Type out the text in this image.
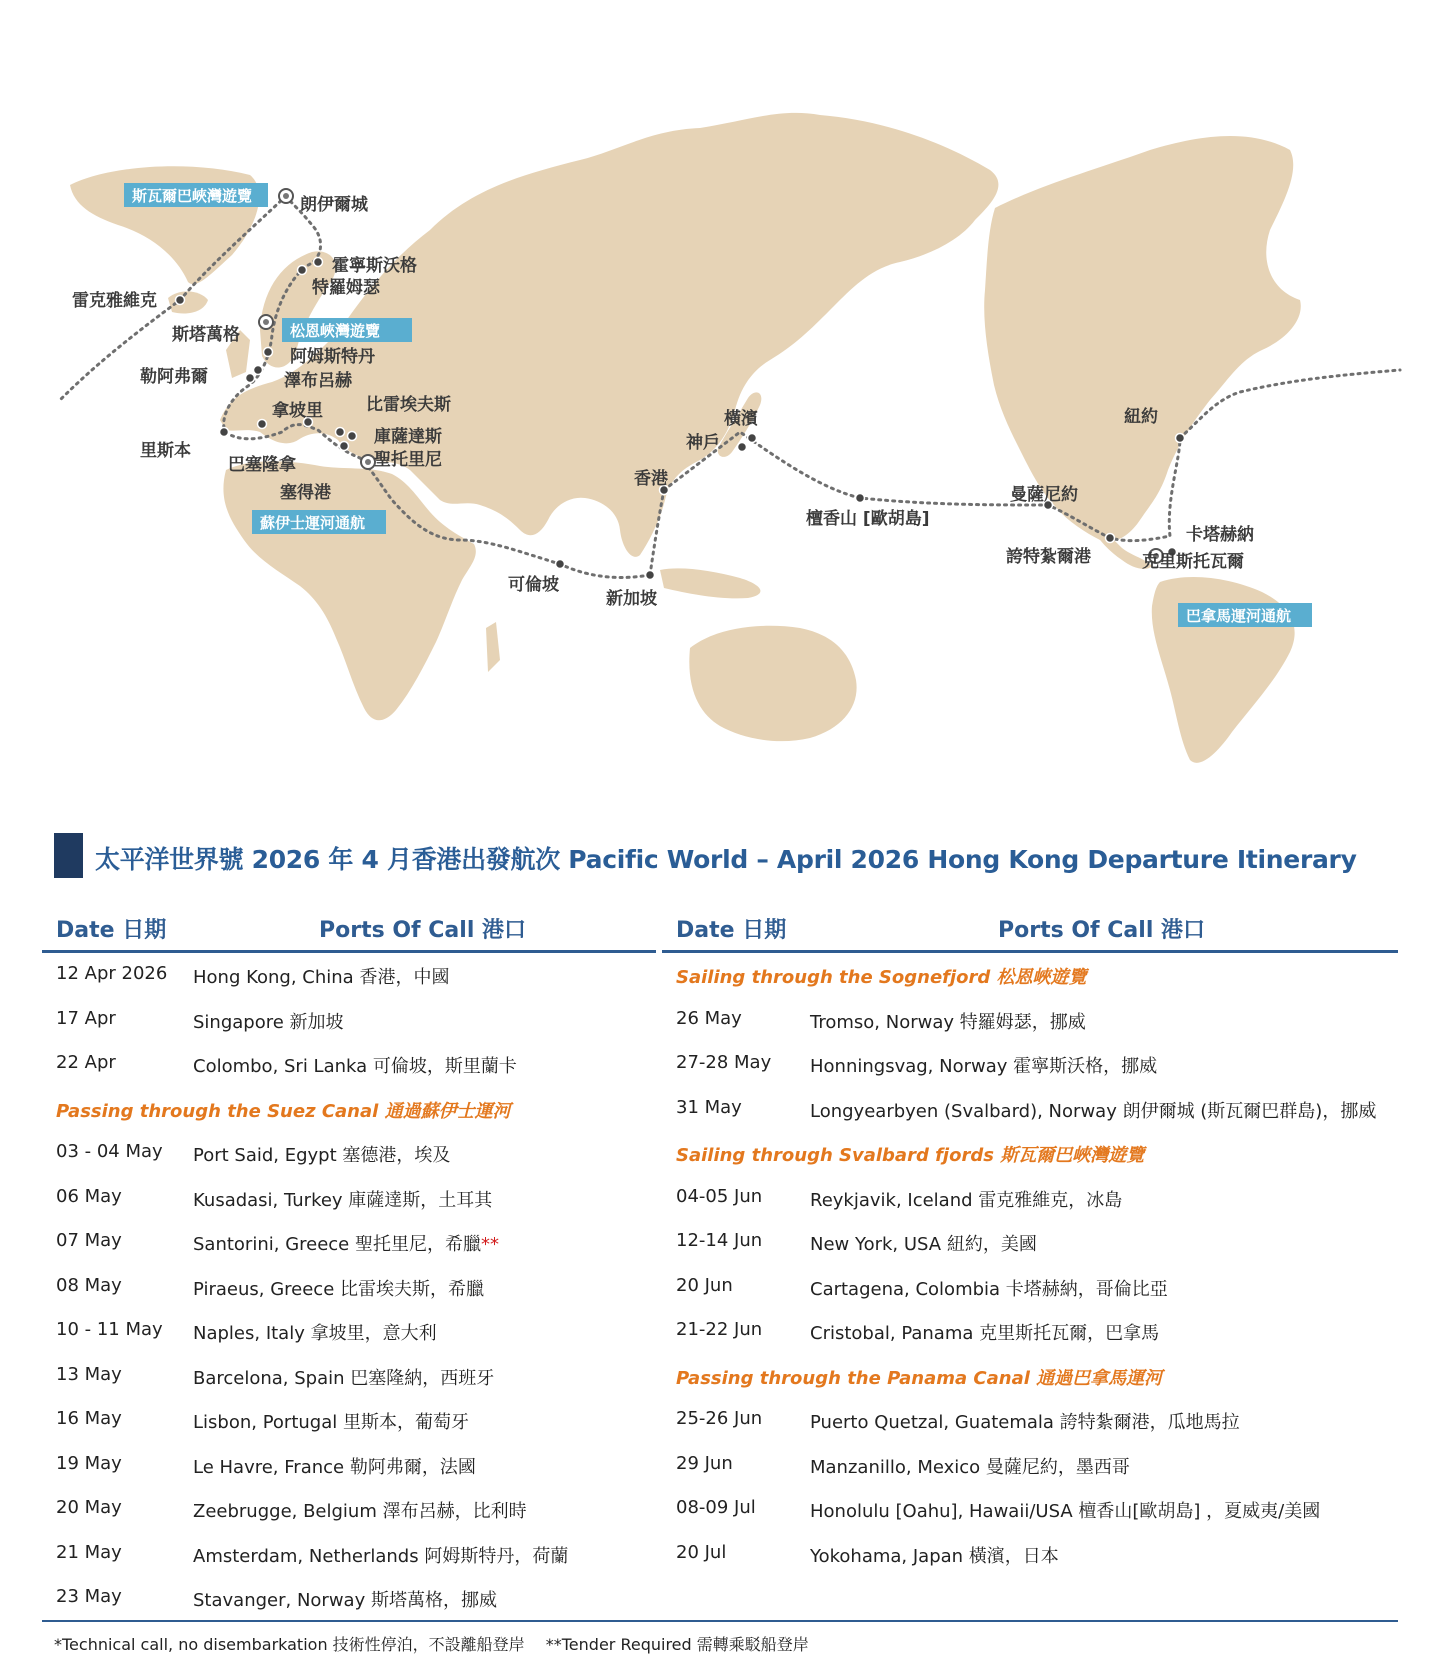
朗伊爾城
霍寧斯沃格
特羅姆瑟
雷克雅維克
斯塔萬格
阿姆斯特丹
勒阿弗爾	澤布呂赫
拿坡里	比雷埃夫斯
庫薩達斯
聖托里尼
里斯本
巴塞隆拿
塞得港
可倫坡
新加坡
香港
神戶
橫濱
檀香山 [歐胡島]
曼薩尼約
誇特紮爾港
紐約
卡塔赫納
克里斯托瓦爾
斯瓦爾巴峽灣遊覽
松恩峽灣遊覽
蘇伊士運河通航
巴拿馬運河通航
太平洋世界號 2026 年 4 月香港出發航次 Pacific World – April 2026 Hong Kong Departure Itinerary
Date 日期	Ports Of Call 港口
12 Apr 2026 Hong Kong, China 香港，中國
17 Apr	Singapore 新加坡
22 Apr	Colombo, Sri Lanka 可倫坡，斯里蘭卡
Passing through the Suez Canal 通過蘇伊士運河
03 - 04 May Port Said, Egypt 塞德港，埃及
06 May	Kusadasi, Turkey 庫薩達斯，土耳其
07 May	Santorini, Greece 聖托里尼，希臘**
08 May	Piraeus, Greece 比雷埃夫斯，希臘
10 - 11 May Naples, Italy 拿坡里，意大利
13 May	Barcelona, Spain 巴塞隆納，西班牙
16 May	Lisbon, Portugal 里斯本，葡萄牙
19 May	Le Havre, France 勒阿弗爾，法國
20 May	Zeebrugge, Belgium 澤布呂赫，比利時
21 May	Amsterdam, Netherlands 阿姆斯特丹，荷蘭
23 May	Stavanger, Norway 斯塔萬格，挪威
Date 日期	Ports Of Call 港口
Sailing through the Sognefjord 松恩峽遊覽
26 May	Tromso, Norway 特羅姆瑟，挪威
27-28 May Honningsvag, Norway 霍寧斯沃格，挪威
31 May	Longyearbyen (Svalbard), Norway 朗伊爾城 (斯瓦爾巴群島)，挪威
Sailing through Svalbard fjords 斯瓦爾巴峽灣遊覽
04-05 Jun	Reykjavik, Iceland 雷克雅維克，冰島
12-14 Jun	New York, USA 紐約，美國
20 Jun	Cartagena, Colombia 卡塔赫納，哥倫比亞
21-22 Jun	Cristobal, Panama 克里斯托瓦爾，巴拿馬
Passing through the Panama Canal 通過巴拿馬運河
25-26 Jun	Puerto Quetzal, Guatemala 誇特紮爾港，瓜地馬拉
29 Jun	Manzanillo, Mexico 曼薩尼約，墨西哥
08-09 Jul	Honolulu [Oahu], Hawaii/USA 檀香山[歐胡島] ，夏威夷/美國
20 Jul	Yokohama, Japan 橫濱，日本
*Technical call, no disembarkation 技術性停泊，不設離船登岸　 **Tender Required 需轉乘駁船登岸
